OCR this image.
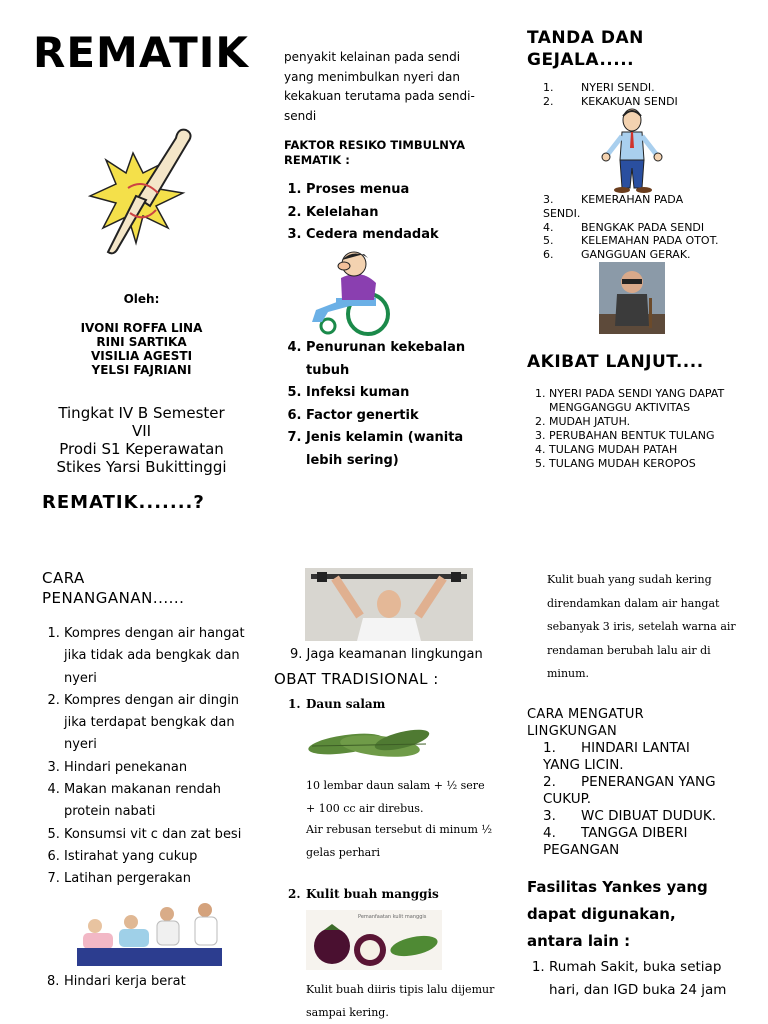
REMATIK
Oleh:
IVONI ROFFA LINA
RINI SARTIKA
VISILIA AGESTI
YELSI FAJRIANI
Tingkat IV B Semester
VII
Prodi S1 Keperawatan
Stikes Yarsi Bukittinggi
REMATIK.......?
penyakit kelainan pada sendi
yang menimbulkan nyeri dan
kekakuan terutama pada sendi-
sendi
FAKTOR RESIKO TIMBULNYA
REMATIK :
1. Proses menua
2. Kelelahan
3. Cedera mendadak
4. Penurunan kekebalan tubuh
5. Infeksi kuman
6. Factor genertik
7. Jenis kelamin (wanita lebih sering)
TANDA DAN
GEJALA.....
1.	NYERI SENDI.
2.	KEKAKUAN SENDI
3.	KEMERAHAN PADA
SENDI.
4.	BENGKAK PADA SENDI
5.	KELEMAHAN PADA OTOT.
6.	GANGGUAN GERAK.
AKIBAT LANJUT....
1. NYERI PADA SENDI YANG DAPAT MENGGANGGU AKTIVITAS
2. MUDAH JATUH.
3. PERUBAHAN BENTUK TULANG
4. TULANG MUDAH PATAH
5. TULANG MUDAH KEROPOS
CARA
PENANGANAN......
1. Kompres dengan air hangat jika tidak ada bengkak dan nyeri
2. Kompres dengan air dingin jika terdapat bengkak dan nyeri
3. Hindari penekanan
4. Makan makanan rendah protein nabati
5. Konsumsi vit c dan zat besi
6. Istirahat yang cukup
7. Latihan pergerakan
8. Hindari kerja berat
9. Jaga keamanan lingkungan
OBAT TRADISIONAL :
1. Daun salam
10 lembar daun salam + ½ sere
+ 100 cc air direbus.
Air rebusan tersebut di minum ½
gelas perhari
2. Kulit buah manggis
Pemanfaatan kulit manggis
Kulit buah diiris tipis lalu dijemur
sampai kering.
Kulit buah yang sudah kering
direndamkan dalam air hangat
sebanyak 3 iris, setelah warna air
rendaman berubah lalu air di
minum.
CARA MENGATUR
LINGKUNGAN
1. HINDARI LANTAI
YANG LICIN.
2. PENERANGAN YANG
CUKUP.
3. WC DIBUAT DUDUK.
4. TANGGA DIBERI
PEGANGAN
Fasilitas Yankes yang
dapat digunakan,
antara lain :
1. Rumah Sakit, buka setiap hari, dan IGD buka 24 jam
